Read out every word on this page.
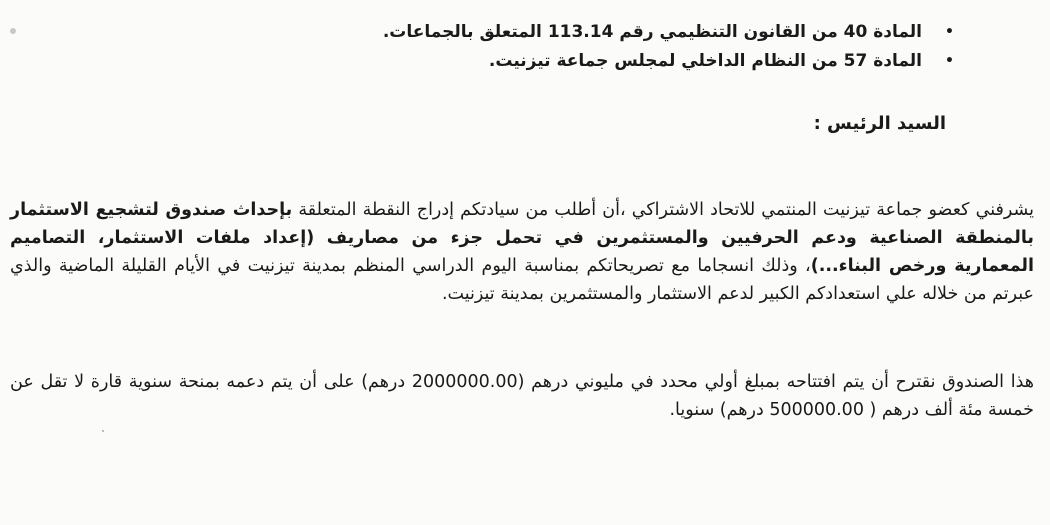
•
المادة 40 من القانون التنظيمي رقم 113.14 المتعلق بالجماعات.
•
المادة 57 من النظام الداخلي لمجلس جماعة تيزنيت.

السيد الرئيس :

يشرفني كعضو جماعة تيزنيت المنتمي للاتحاد الاشتراكي ،أن أطلب من سيادتكم إدراج النقطة المتعلقة بإحداث صندوق لتشجيع الاستثمار بالمنطقة الصناعية ودعم الحرفيين والمستثمرين في تحمل جزء من مصاريف (إعداد ملفات الاستثمار، التصاميم المعمارية ورخص البناء...)، وذلك انسجاما مع تصريحاتكم بمناسبة اليوم الدراسي المنظم بمدينة تيزنيت في الأيام القليلة الماضية والذي عبرتم من خلاله علي استعدادكم الكبير لدعم الاستثمار والمستثمرين بمدينة تيزنيت.

هذا الصندوق نقترح أن يتم افتتاحه بمبلغ أولي محدد في مليوني درهم (2000000.00 درهم) على أن يتم دعمه بمنحة سنوية قارة لا تقل عن خمسة مئة ألف درهم ( 500000.00 درهم) سنويا.
